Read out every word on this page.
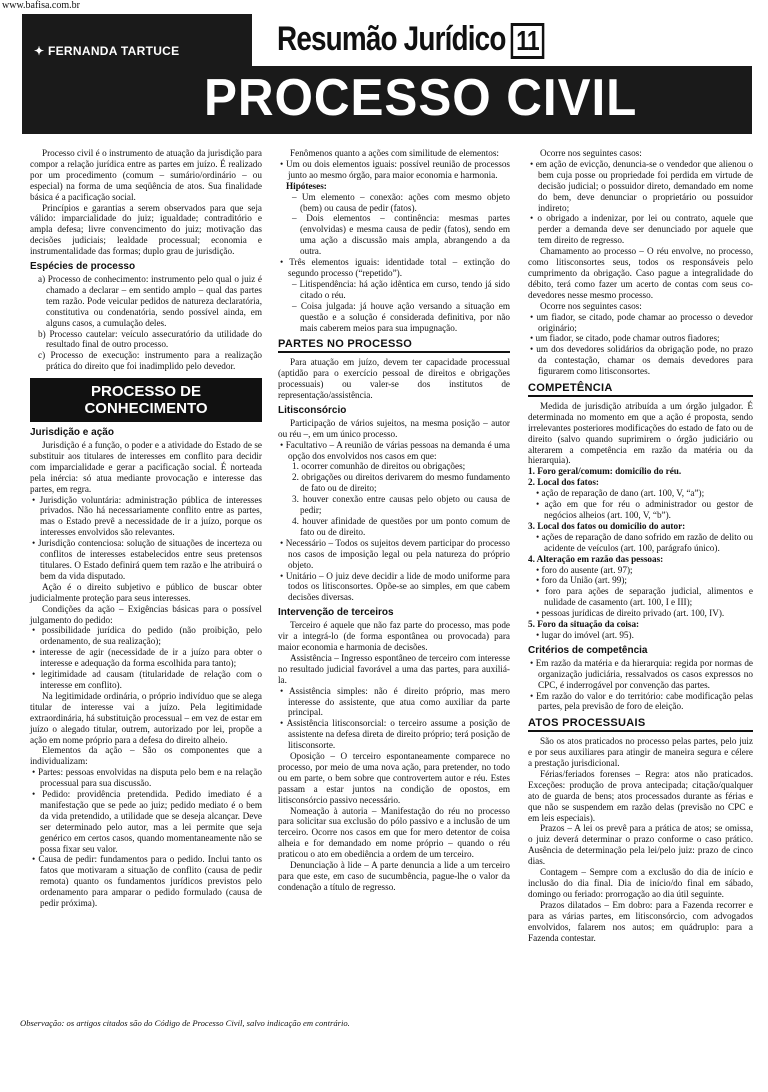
www.bafisa.com.br
Resumão Jurídico 11
✦ FERNANDA TARTUCE
2ª edição
PROCESSO CIVIL

Processo civil é o instrumento de atuação da jurisdição para compor a relação jurídica entre as partes em juízo. É realizado por um procedimento (comum – sumário/ordinário – ou especial) na forma de uma seqüência de atos. Sua finalidade básica é a pacificação social.

Princípios e garantias a serem observados para que seja válido: imparcialidade do juiz; igualdade; contraditório e ampla defesa; livre convencimento do juiz; motivação das decisões judiciais; lealdade processual; economia e instrumentalidade das formas; duplo grau de jurisdição.

Espécies de processo

a) Processo de conhecimento: instrumento pelo qual o juiz é chamado a declarar – em sentido amplo – qual das partes tem razão. Pode veicular pedidos de natureza declaratória, constitutiva ou condenatória, sendo possível ainda, em alguns casos, a cumulação deles.

b) Processo cautelar: veículo assecuratório da utilidade do resultado final de outro processo.

c) Processo de execução: instrumento para a realização prática do direito que foi inadimplido pelo devedor.

PROCESSO DE CONHECIMENTO
Jurisdição e ação

Jurisdição é a função, o poder e a atividade do Estado de se substituir aos titulares de interesses em conflito para decidir com imparcialidade e gerar a pacificação social. É norteada pela inércia: só atua mediante provocação e interesse das partes, em regra.

• Jurisdição voluntária: administração pública de interesses privados. Não há necessariamente conflito entre as partes, mas o Estado prevê a necessidade de ir a juízo, porque os interesses envolvidos são relevantes.

• Jurisdição contenciosa: solução de situações de incerteza ou conflitos de interesses estabelecidos entre seus pretensos titulares. O Estado definirá quem tem razão e lhe atribuirá o bem da vida disputado.

Ação é o direito subjetivo e público de buscar obter judicialmente proteção para seus interesses.

Condições da ação – Exigências básicas para o possível julgamento do pedido:

• possibilidade jurídica do pedido (não proibição, pelo ordenamento, de sua realização);

• interesse de agir (necessidade de ir a juízo para obter o interesse e adequação da forma escolhida para tanto);

• legitimidade ad causam (titularidade de relação com o interesse em conflito).

Na legitimidade ordinária, o próprio indivíduo que se alega titular de interesse vai a juízo. Pela legitimidade extraordinária, há substituição processual – em vez de estar em juízo o alegado titular, outrem, autorizado por lei, propõe a ação em nome próprio para a defesa do direito alheio.

Elementos da ação – São os componentes que a individualizam:

• Partes: pessoas envolvidas na disputa pelo bem e na relação processual para sua discussão.

• Pedido: providência pretendida. Pedido imediato é a manifestação que se pede ao juiz; pedido mediato é o bem da vida pretendido, a utilidade que se deseja alcançar. Deve ser determinado pelo autor, mas a lei permite que seja genérico em certos casos, quando momentaneamente não se possa fixar seu valor.

• Causa de pedir: fundamentos para o pedido. Inclui tanto os fatos que motivaram a situação de conflito (causa de pedir remota) quanto os fundamentos jurídicos previstos pelo ordenamento para amparar o pedido formulado (causa de pedir próxima).

Fenômenos quanto a ações com similitude de elementos:

• Um ou dois elementos iguais: possível reunião de processos junto ao mesmo órgão, para maior economia e harmonia.

Hipóteses:

– Um elemento – conexão: ações com mesmo objeto (bem) ou causa de pedir (fatos).

– Dois elementos – continência: mesmas partes (envolvidas) e mesma causa de pedir (fatos), sendo em uma ação a discussão mais ampla, abrangendo a da outra.

• Três elementos iguais: identidade total – extinção do segundo processo (“repetido”).

– Litispendência: há ação idêntica em curso, tendo já sido citado o réu.

– Coisa julgada: já houve ação versando a situação em questão e a solução é considerada definitiva, por não mais caberem meios para sua impugnação.

PARTES NO PROCESSO

Para atuação em juízo, devem ter capacidade processual (aptidão para o exercício pessoal de direitos e obrigações processuais) ou valer-se dos institutos de representação/assistência.

Litisconsórcio

Participação de vários sujeitos, na mesma posição – autor ou réu –, em um único processo.

• Facultativo – A reunião de várias pessoas na demanda é uma opção dos envolvidos nos casos em que:

1. ocorrer comunhão de direitos ou obrigações;

2. obrigações ou direitos derivarem do mesmo fundamento de fato ou de direito;

3. houver conexão entre causas pelo objeto ou causa de pedir;

4. houver afinidade de questões por um ponto comum de fato ou de direito.

• Necessário – Todos os sujeitos devem participar do processo nos casos de imposição legal ou pela natureza do próprio objeto.

• Unitário – O juiz deve decidir a lide de modo uniforme para todos os litisconsortes. Opõe-se ao simples, em que cabem decisões diversas.

Intervenção de terceiros

Terceiro é aquele que não faz parte do processo, mas pode vir a integrá-lo (de forma espontânea ou provocada) para maior economia e harmonia de decisões.

Assistência – Ingresso espontâneo de terceiro com interesse no resultado judicial favorável a uma das partes, para auxiliá-la.

• Assistência simples: não é direito próprio, mas mero interesse do assistente, que atua como auxiliar da parte principal.

• Assistência litisconsorcial: o terceiro assume a posição de assistente na defesa direta de direito próprio; terá posição de litisconsorte.

Oposição – O terceiro espontaneamente comparece no processo, por meio de uma nova ação, para pretender, no todo ou em parte, o bem sobre que controvertem autor e réu. Estes passam a estar juntos na condição de opostos, em litisconsórcio passivo necessário.

Nomeação à autoria – Manifestação do réu no processo para solicitar sua exclusão do pólo passivo e a inclusão de um terceiro. Ocorre nos casos em que for mero detentor de coisa alheia e for demandado em nome próprio – quando o réu praticou o ato em obediência a ordem de um terceiro.

Denunciação à lide – A parte denuncia a lide a um terceiro para que este, em caso de sucumbência, pague-lhe o valor da condenação a título de regresso.

Ocorre nos seguintes casos:

• em ação de evicção, denuncia-se o vendedor que alienou o bem cuja posse ou propriedade foi perdida em virtude de decisão judicial; o possuidor direto, demandado em nome do bem, deve denunciar o proprietário ou possuidor indireto;

• o obrigado a indenizar, por lei ou contrato, aquele que perder a demanda deve ser denunciado por aquele que tem direito de regresso.

Chamamento ao processo – O réu envolve, no processo, como litisconsortes seus, todos os responsáveis pelo cumprimento da obrigação. Caso pague a integralidade do débito, terá como fazer um acerto de contas com seus co-devedores nesse mesmo processo.

Ocorre nos seguintes casos:

• um fiador, se citado, pode chamar ao processo o devedor originário;

• um fiador, se citado, pode chamar outros fiadores;

• um dos devedores solidários da obrigação pode, no prazo da contestação, chamar os demais devedores para figurarem como litisconsortes.

COMPETÊNCIA

Medida de jurisdição atribuída a um órgão julgador. É determinada no momento em que a ação é proposta, sendo irrelevantes posteriores modificações do estado de fato ou de direito (salvo quando suprimirem o órgão judiciário ou alterarem a competência em razão da matéria ou da hierarquia).

1. Foro geral/comum: domicílio do réu.

2. Local dos fatos:

• ação de reparação de dano (art. 100, V, “a”);

• ação em que for réu o administrador ou gestor de negócios alheios (art. 100, V, “b”).

3. Local dos fatos ou domicílio do autor:

• ações de reparação de dano sofrido em razão de delito ou acidente de veículos (art. 100, parágrafo único).

4. Alteração em razão das pessoas:

• foro do ausente (art. 97);

• foro da União (art. 99);

• foro para ações de separação judicial, alimentos e nulidade de casamento (art. 100, I e III);

• pessoas jurídicas de direito privado (art. 100, IV).

5. Foro da situação da coisa:

• lugar do imóvel (art. 95).

Critérios de competência

• Em razão da matéria e da hierarquia: regida por normas de organização judiciária, ressalvados os casos expressos no CPC, é inderrogável por convenção das partes.

• Em razão do valor e do território: cabe modificação pelas partes, pela previsão de foro de eleição.

ATOS PROCESSUAIS

São os atos praticados no processo pelas partes, pelo juiz e por seus auxiliares para atingir de maneira segura e célere a prestação jurisdicional.

Férias/feriados forenses – Regra: atos não praticados. Exceções: produção de prova antecipada; citação/qualquer ato de guarda de bens; atos processados durante as férias e que não se suspendem em razão delas (previsão no CPC e em leis especiais).

Prazos – A lei os prevê para a prática de atos; se omissa, o juiz deverá determinar o prazo conforme o caso prático. Ausência de determinação pela lei/pelo juiz: prazo de cinco dias.

Contagem – Sempre com a exclusão do dia de início e inclusão do dia final. Dia de início/do final em sábado, domingo ou feriado: prorrogação ao dia útil seguinte.

Prazos dilatados – Em dobro: para a Fazenda recorrer e para as várias partes, em litisconsórcio, com advogados envolvidos, falarem nos autos; em quádruplo: para a Fazenda contestar.

Observação: os artigos citados são do Código de Processo Civil, salvo indicação em contrário.
